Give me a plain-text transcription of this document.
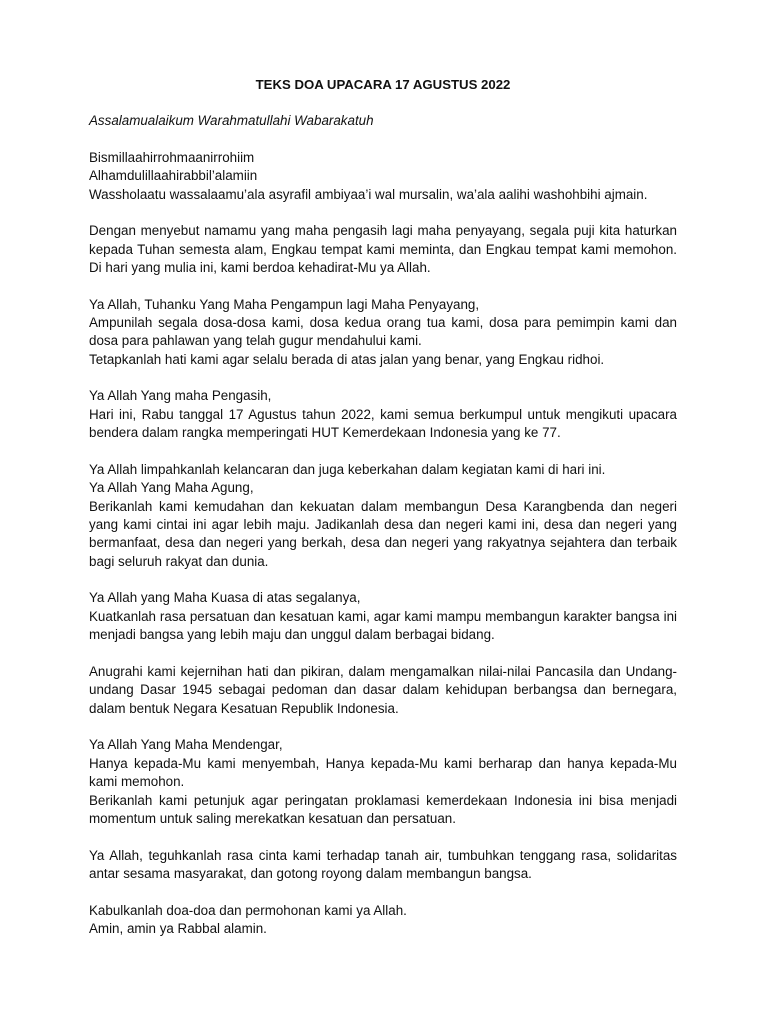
TEKS DOA UPACARA 17 AGUSTUS 2022
Assalamualaikum Warahmatullahi Wabarakatuh
Bismillaahirrohmaanirrohiim
Alhamdulillaahirabbil’alamiin
Wassholaatu wassalaamu’ala asyrafil ambiyaa’i wal mursalin, wa’ala aalihi washohbihi ajmain.
Dengan menyebut namamu yang maha pengasih lagi maha penyayang, segala puji kita haturkan kepada Tuhan semesta alam, Engkau tempat kami meminta, dan Engkau tempat kami memohon. Di hari yang mulia ini, kami berdoa kehadirat-Mu ya Allah.
Ya Allah, Tuhanku Yang Maha Pengampun lagi Maha Penyayang,
Ampunilah segala dosa-dosa kami, dosa kedua orang tua kami, dosa para pemimpin kami dan dosa para pahlawan yang telah gugur mendahului kami.
Tetapkanlah hati kami agar selalu berada di atas jalan yang benar, yang Engkau ridhoi.
Ya Allah Yang maha Pengasih,
Hari ini, Rabu tanggal 17 Agustus tahun 2022, kami semua berkumpul untuk mengikuti upacara bendera dalam rangka memperingati HUT Kemerdekaan Indonesia yang ke 77.
Ya Allah limpahkanlah kelancaran dan juga keberkahan dalam kegiatan kami di hari ini.
Ya Allah Yang Maha Agung,
Berikanlah kami kemudahan dan kekuatan dalam membangun Desa Karangbenda dan negeri yang kami cintai ini agar lebih maju. Jadikanlah desa dan negeri kami ini, desa dan negeri yang bermanfaat, desa dan negeri yang berkah, desa dan negeri yang rakyatnya sejahtera dan terbaik bagi seluruh rakyat dan dunia.
Ya Allah yang Maha Kuasa di atas segalanya,
Kuatkanlah rasa persatuan dan kesatuan kami, agar kami mampu membangun karakter bangsa ini menjadi bangsa yang lebih maju dan unggul dalam berbagai bidang.
Anugrahi kami kejernihan hati dan pikiran, dalam mengamalkan nilai-nilai Pancasila dan Undang-undang Dasar 1945 sebagai pedoman dan dasar dalam kehidupan berbangsa dan bernegara, dalam bentuk Negara Kesatuan Republik Indonesia.
Ya Allah Yang Maha Mendengar,
Hanya kepada-Mu kami menyembah, Hanya kepada-Mu kami berharap dan hanya kepada-Mu kami memohon.
Berikanlah kami petunjuk agar peringatan proklamasi kemerdekaan Indonesia ini bisa menjadi momentum untuk saling merekatkan kesatuan dan persatuan.
Ya Allah, teguhkanlah rasa cinta kami terhadap tanah air, tumbuhkan tenggang rasa, solidaritas antar sesama masyarakat, dan gotong royong dalam membangun bangsa.
Kabulkanlah doa-doa dan permohonan kami ya Allah.
Amin, amin ya Rabbal alamin.
